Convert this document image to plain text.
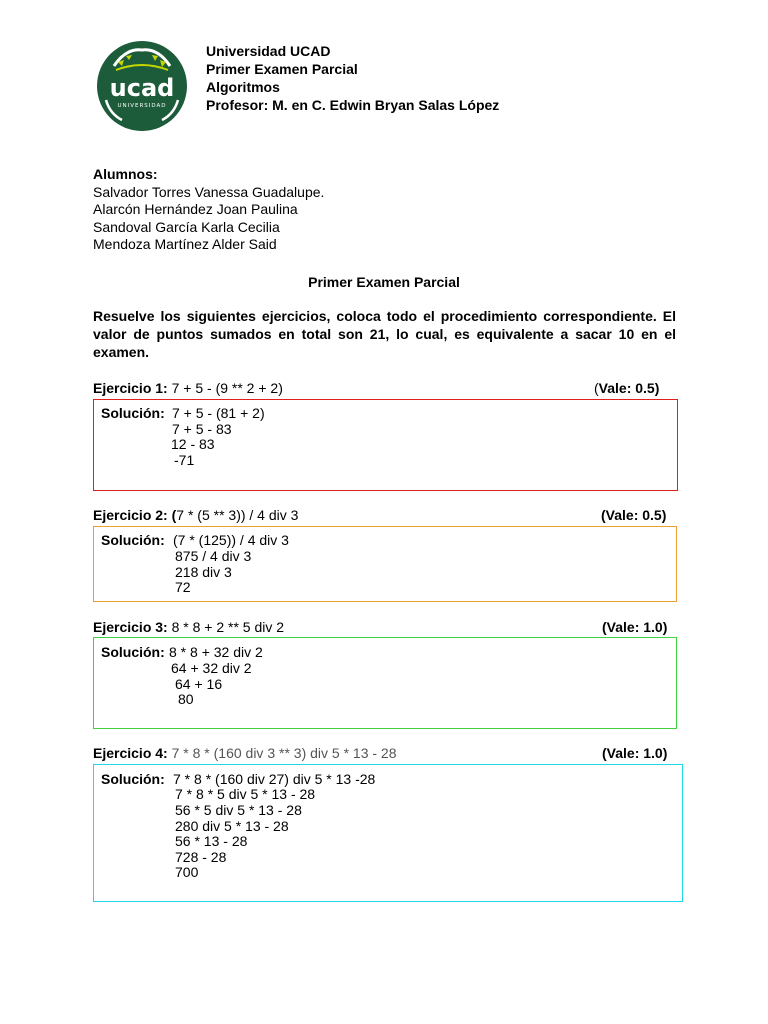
ucad
UNIVERSIDAD
Universidad UCAD
Primer Examen Parcial
Algoritmos
Profesor: M. en C. Edwin Bryan Salas López
Alumnos:
Salvador Torres Vanessa Guadalupe.
Alarcón Hernández Joan Paulina
Sandoval García Karla Cecilia
Mendoza Martínez Alder Said
Primer Examen Parcial
Resuelve los siguientes ejercicios, coloca todo el procedimiento correspondiente. El valor de puntos sumados en total son 21, lo cual, es equivalente a sacar 10 en el examen.
Ejercicio 1: 7 + 5 - (9 ** 2 + 2)	(Vale: 0.5)
Solución: 7 + 5 - (81 + 2)
7 + 5 - 83
12 - 83
-71
Ejercicio 2: (7 * (5 ** 3)) / 4 div 3	(Vale: 0.5)
Solución: (7 * (125)) / 4 div 3
875 / 4 div 3
218 div 3
72
Ejercicio 3: 8 * 8 + 2 ** 5 div 2	(Vale: 1.0)
Solución: 8 * 8 + 32 div 2
64 + 32 div 2
64 + 16
80
Ejercicio 4: 7 * 8 * (160 div 3 ** 3) div 5 * 13 - 28	(Vale: 1.0)
Solución: 7 * 8 * (160 div 27) div 5 * 13 -28
7 * 8 * 5 div 5 * 13 - 28
56 * 5 div 5 * 13 - 28
280 div 5 * 13 - 28
56 * 13 - 28
728 - 28
700
